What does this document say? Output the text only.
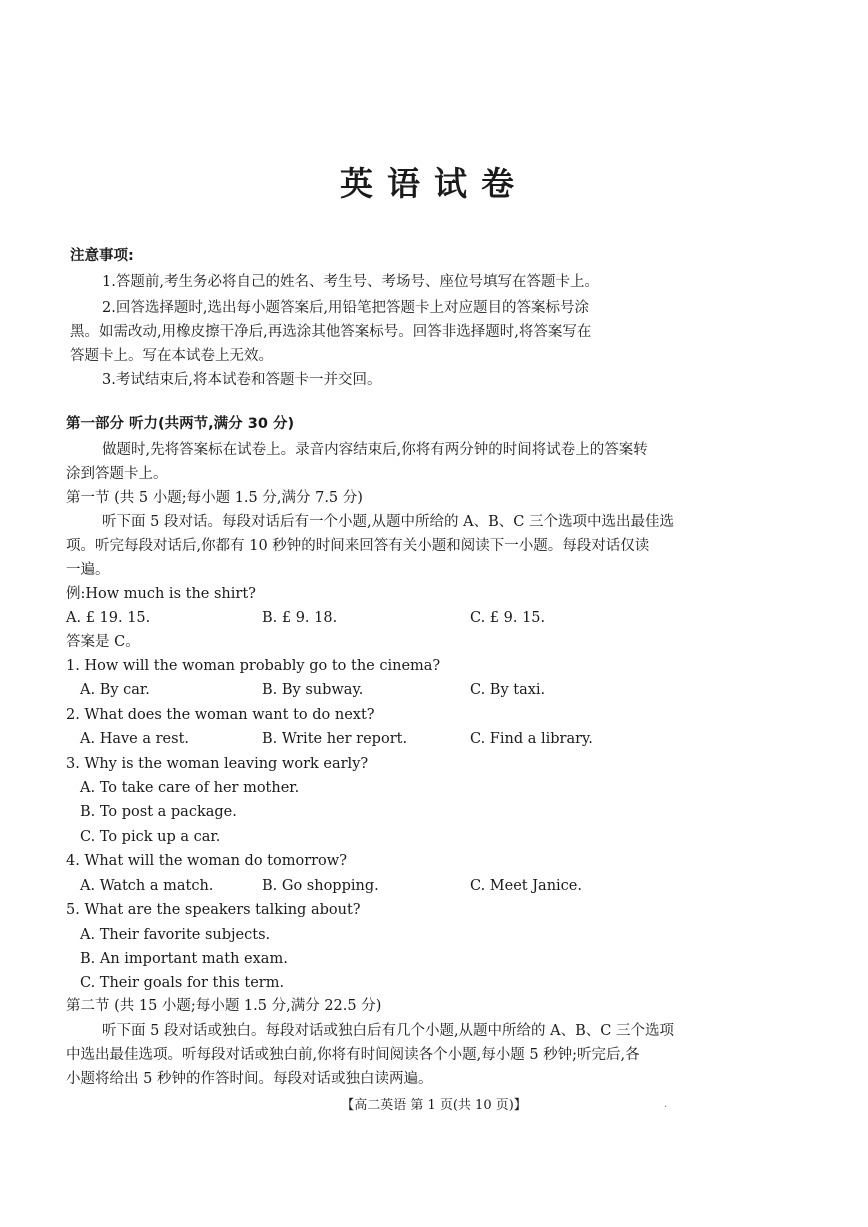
英语试卷
注意事项:
1.答题前,考生务必将自己的姓名、考生号、考场号、座位号填写在答题卡上。
2.回答选择题时,选出每小题答案后,用铅笔把答题卡上对应题目的答案标号涂
黑。如需改动,用橡皮擦干净后,再选涂其他答案标号。回答非选择题时,将答案写在
答题卡上。写在本试卷上无效。
3.考试结束后,将本试卷和答题卡一并交回。
第一部分 听力(共两节,满分 30 分)
做题时,先将答案标在试卷上。录音内容结束后,你将有两分钟的时间将试卷上的答案转
涂到答题卡上。
第一节 (共 5 小题;每小题 1.5 分,满分 7.5 分)
听下面 5 段对话。每段对话后有一个小题,从题中所给的 A、B、C 三个选项中选出最佳选
项。听完每段对话后,你都有 10 秒钟的时间来回答有关小题和阅读下一小题。每段对话仅读
一遍。
例:How much is the shirt?
A. £ 19. 15.	B. £ 9. 18.	C. £ 9. 15.
答案是 C。
1. How will the woman probably go to the cinema?
A. By car.	B. By subway.	C. By taxi.
2. What does the woman want to do next?
A. Have a rest.	B. Write her report.	C. Find a library.
3. Why is the woman leaving work early?
A. To take care of her mother.
B. To post a package.
C. To pick up a car.
4. What will the woman do tomorrow?
A. Watch a match.	B. Go shopping.	C. Meet Janice.
5. What are the speakers talking about?
A. Their favorite subjects.
B. An important math exam.
C. Their goals for this term.
第二节 (共 15 小题;每小题 1.5 分,满分 22.5 分)
听下面 5 段对话或独白。每段对话或独白后有几个小题,从题中所给的 A、B、C 三个选项
中选出最佳选项。听每段对话或独白前,你将有时间阅读各个小题,每小题 5 秒钟;听完后,各
小题将给出 5 秒钟的作答时间。每段对话或独白读两遍。
【高二英语 第 1 页(共 10 页)】	·
